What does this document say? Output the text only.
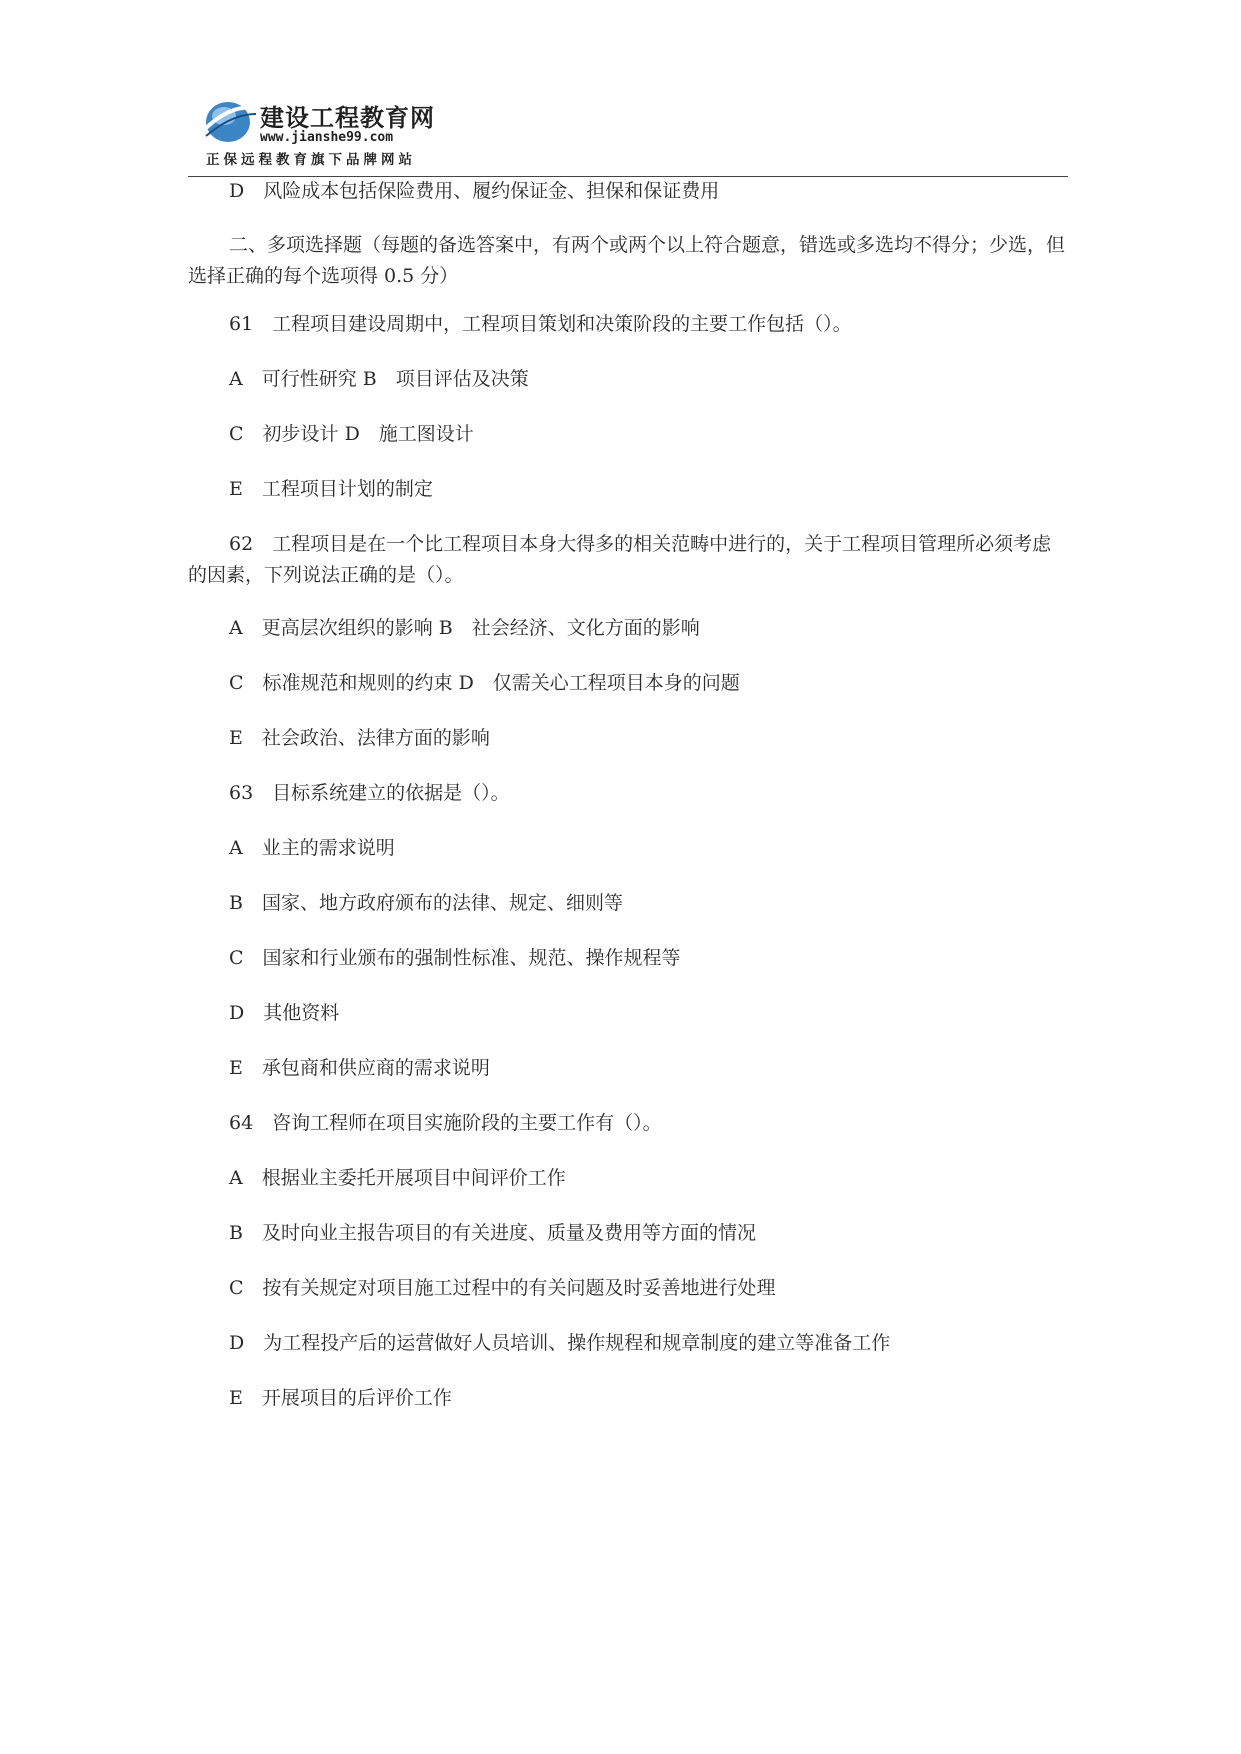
建设工程教育网
www.jianshe99.com
正保远程教育旗下品牌网站

D　风险成本包括保险费用、履约保证金、担保和保证费用

二、多项选择题（每题的备选答案中，有两个或两个以上符合题意，错选或多选均不得分；少选，但选择正确的每个选项得 0.5 分）

61　工程项目建设周期中，工程项目策划和决策阶段的主要工作包括（）。

A　可行性研究 B　项目评估及决策

C　初步设计 D　施工图设计

E　工程项目计划的制定

62　工程项目是在一个比工程项目本身大得多的相关范畴中进行的，关于工程项目管理所必须考虑的因素，下列说法正确的是（）。

A　更高层次组织的影响 B　社会经济、文化方面的影响

C　标准规范和规则的约束 D　仅需关心工程项目本身的问题

E　社会政治、法律方面的影响

63　目标系统建立的依据是（）。

A　业主的需求说明

B　国家、地方政府颁布的法律、规定、细则等

C　国家和行业颁布的强制性标准、规范、操作规程等

D　其他资料

E　承包商和供应商的需求说明

64　咨询工程师在项目实施阶段的主要工作有（）。

A　根据业主委托开展项目中间评价工作

B　及时向业主报告项目的有关进度、质量及费用等方面的情况

C　按有关规定对项目施工过程中的有关问题及时妥善地进行处理

D　为工程投产后的运营做好人员培训、操作规程和规章制度的建立等准备工作

E　开展项目的后评价工作
